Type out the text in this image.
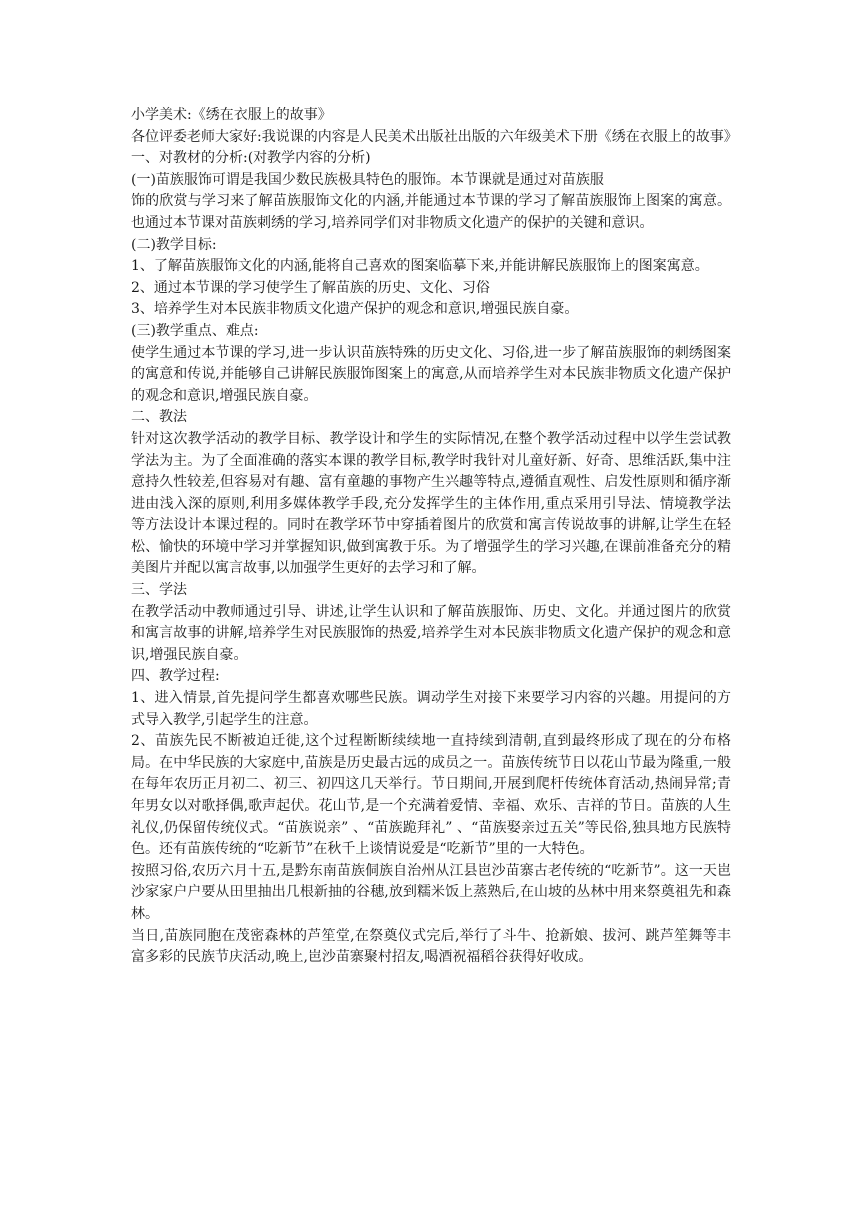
小学美术:《绣在衣服上的故事》

各位评委老师大家好:我说课的内容是人民美术出版社出版的六年级美术下册《绣在衣服上的故事》

一、对教材的分析:(对教学内容的分析)

(一)苗族服饰可谓是我国少数民族极具特色的服饰。本节课就是通过对苗族服

饰的欣赏与学习来了解苗族服饰文化的内涵,并能通过本节课的学习了解苗族服饰上图案的寓意。也通过本节课对苗族刺绣的学习,培养同学们对非物质文化遗产的保护的关键和意识。

(二)教学目标:

1、了解苗族服饰文化的内涵,能将自己喜欢的图案临摹下来,并能讲解民族服饰上的图案寓意。

2、通过本节课的学习使学生了解苗族的历史、文化、习俗

3、培养学生对本民族非物质文化遗产保护的观念和意识,增强民族自豪。

(三)教学重点、难点:

使学生通过本节课的学习,进一步认识苗族特殊的历史文化、习俗,进一步了解苗族服饰的刺绣图案的寓意和传说,并能够自己讲解民族服饰图案上的寓意,从而培养学生对本民族非物质文化遗产保护的观念和意识,增强民族自豪。

二、教法

针对这次教学活动的教学目标、教学设计和学生的实际情况,在整个教学活动过程中以学生尝试教学法为主。为了全面准确的落实本课的教学目标,教学时我针对儿童好新、好奇、思维活跃,集中注意持久性较差,但容易对有趣、富有童趣的事物产生兴趣等特点,遵循直观性、启发性原则和循序渐进由浅入深的原则,利用多媒体教学手段,充分发挥学生的主体作用,重点采用引导法、情境教学法等方法设计本课过程的。同时在教学环节中穿插着图片的欣赏和寓言传说故事的讲解,让学生在轻松、愉快的环境中学习并掌握知识,做到寓教于乐。为了增强学生的学习兴趣,在课前准备充分的精美图片并配以寓言故事,以加强学生更好的去学习和了解。

三、学法

在教学活动中教师通过引导、讲述,让学生认识和了解苗族服饰、历史、文化。并通过图片的欣赏和寓言故事的讲解,培养学生对民族服饰的热爱,培养学生对本民族非物质文化遗产保护的观念和意识,增强民族自豪。

四、教学过程:

1、进入情景,首先提问学生都喜欢哪些民族。调动学生对接下来要学习内容的兴趣。用提问的方式导入教学,引起学生的注意。

2、苗族先民不断被迫迁徙,这个过程断断续续地一直持续到清朝,直到最终形成了现在的分布格局。在中华民族的大家庭中,苗族是历史最古远的成员之一。苗族传统节日以花山节最为隆重,一般在每年农历正月初二、初三、初四这几天举行。节日期间,开展到爬杆传统体育活动,热闹异常;青年男女以对歌择偶,歌声起伏。花山节,是一个充满着爱情、幸福、欢乐、吉祥的节日。苗族的人生礼仪,仍保留传统仪式。“苗族说亲” 、“苗族跪拜礼” 、“苗族娶亲过五关”等民俗,独具地方民族特色。还有苗族传统的“吃新节”在秋千上谈情说爱是“吃新节”里的一大特色。

按照习俗,农历六月十五,是黔东南苗族侗族自治州从江县岜沙苗寨古老传统的“吃新节”。这一天岜沙家家户户要从田里抽出几根新抽的谷穗,放到糯米饭上蒸熟后,在山坡的丛林中用来祭奠祖先和森林。

当日,苗族同胞在茂密森林的芦笙堂,在祭奠仪式完后,举行了斗牛、抢新娘、拔河、跳芦笙舞等丰富多彩的民族节庆活动,晚上,岜沙苗寨聚村招友,喝酒祝福稻谷获得好收成。
